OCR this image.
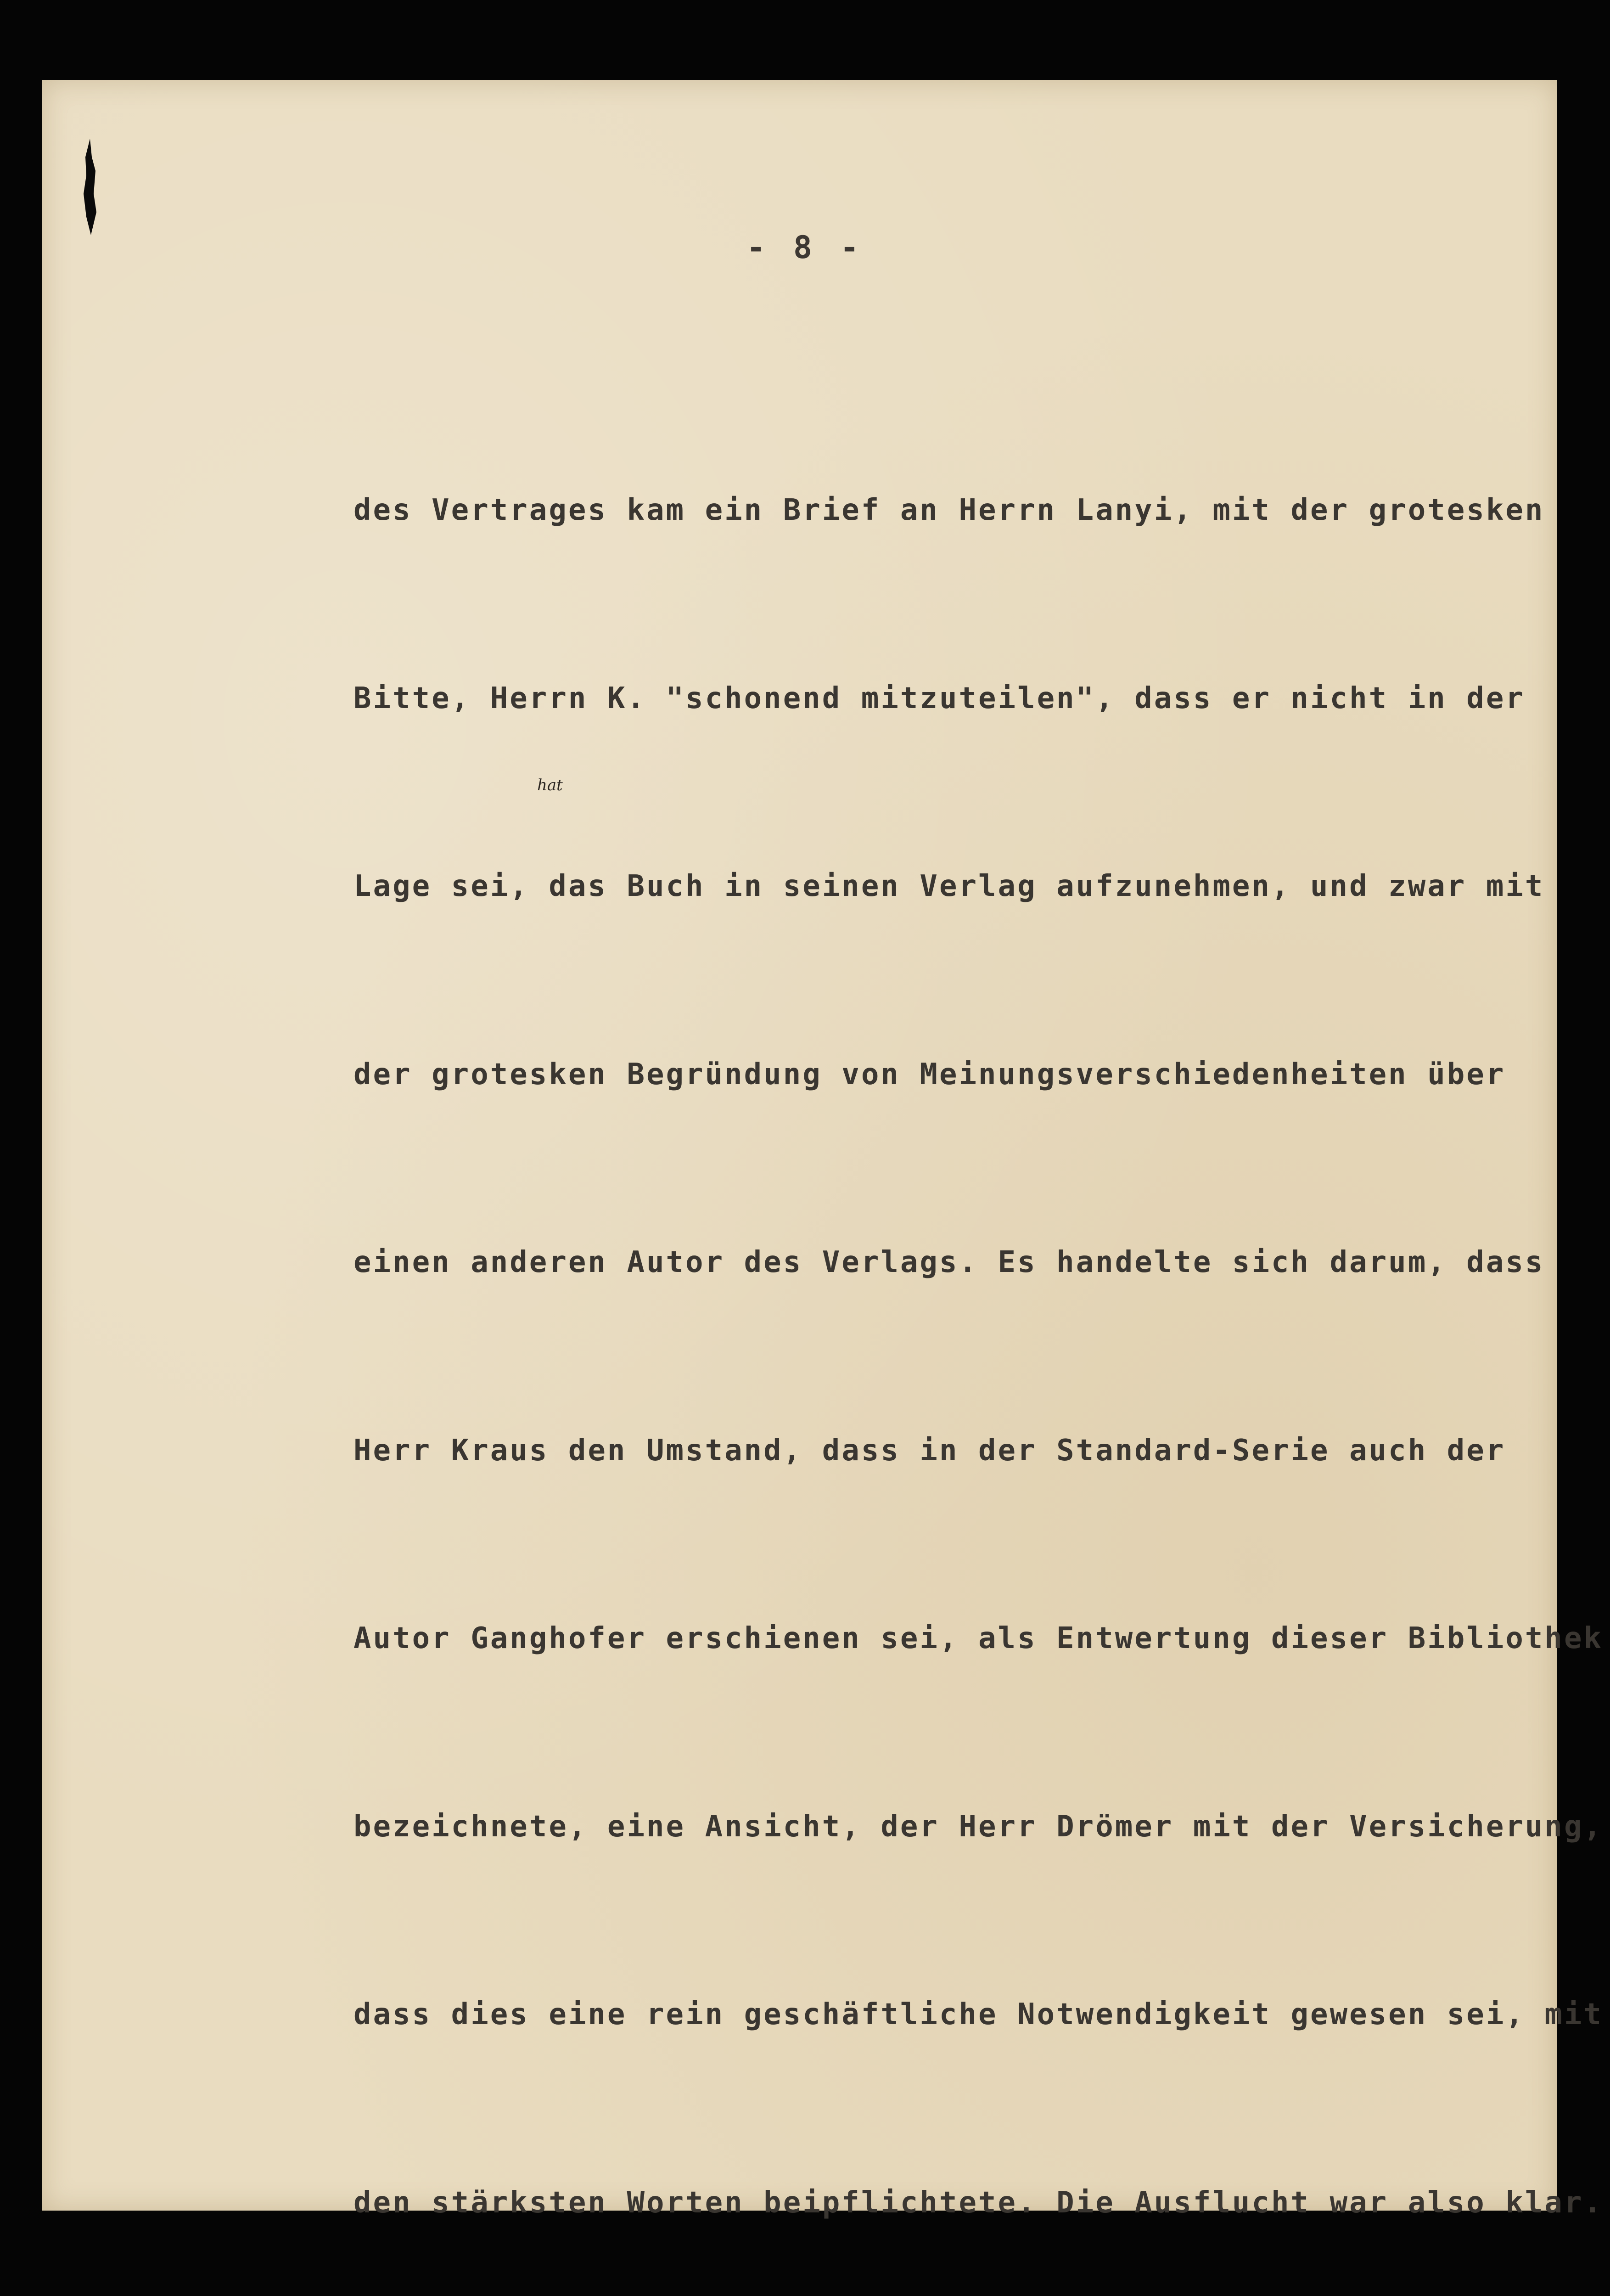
- 8 -
hat

des Vertrages kam ein Brief an Herrn Lanyi, mit der grotesken

Bitte, Herrn K. "schonend mitzuteilen", dass er nicht in der

Lage sei, das Buch in seinen Verlag aufzunehmen, und zwar mit

der grotesken Begründung von Meinungsverschiedenheiten über

einen anderen Autor des Verlags. Es handelte sich darum, dass

Herr Kraus den Umstand, dass in der Standard-Serie auch der

Autor Ganghofer erschienen sei, als Entwertung dieser Bibliothek

bezeichnete, eine Ansicht, der Herr Drömer mit der Versicherung,

dass dies eine rein geschäftliche Notwendigkeit gewesen sei, mit

den stärksten Worten beipflichtete. Die Ausflucht war also klar.
